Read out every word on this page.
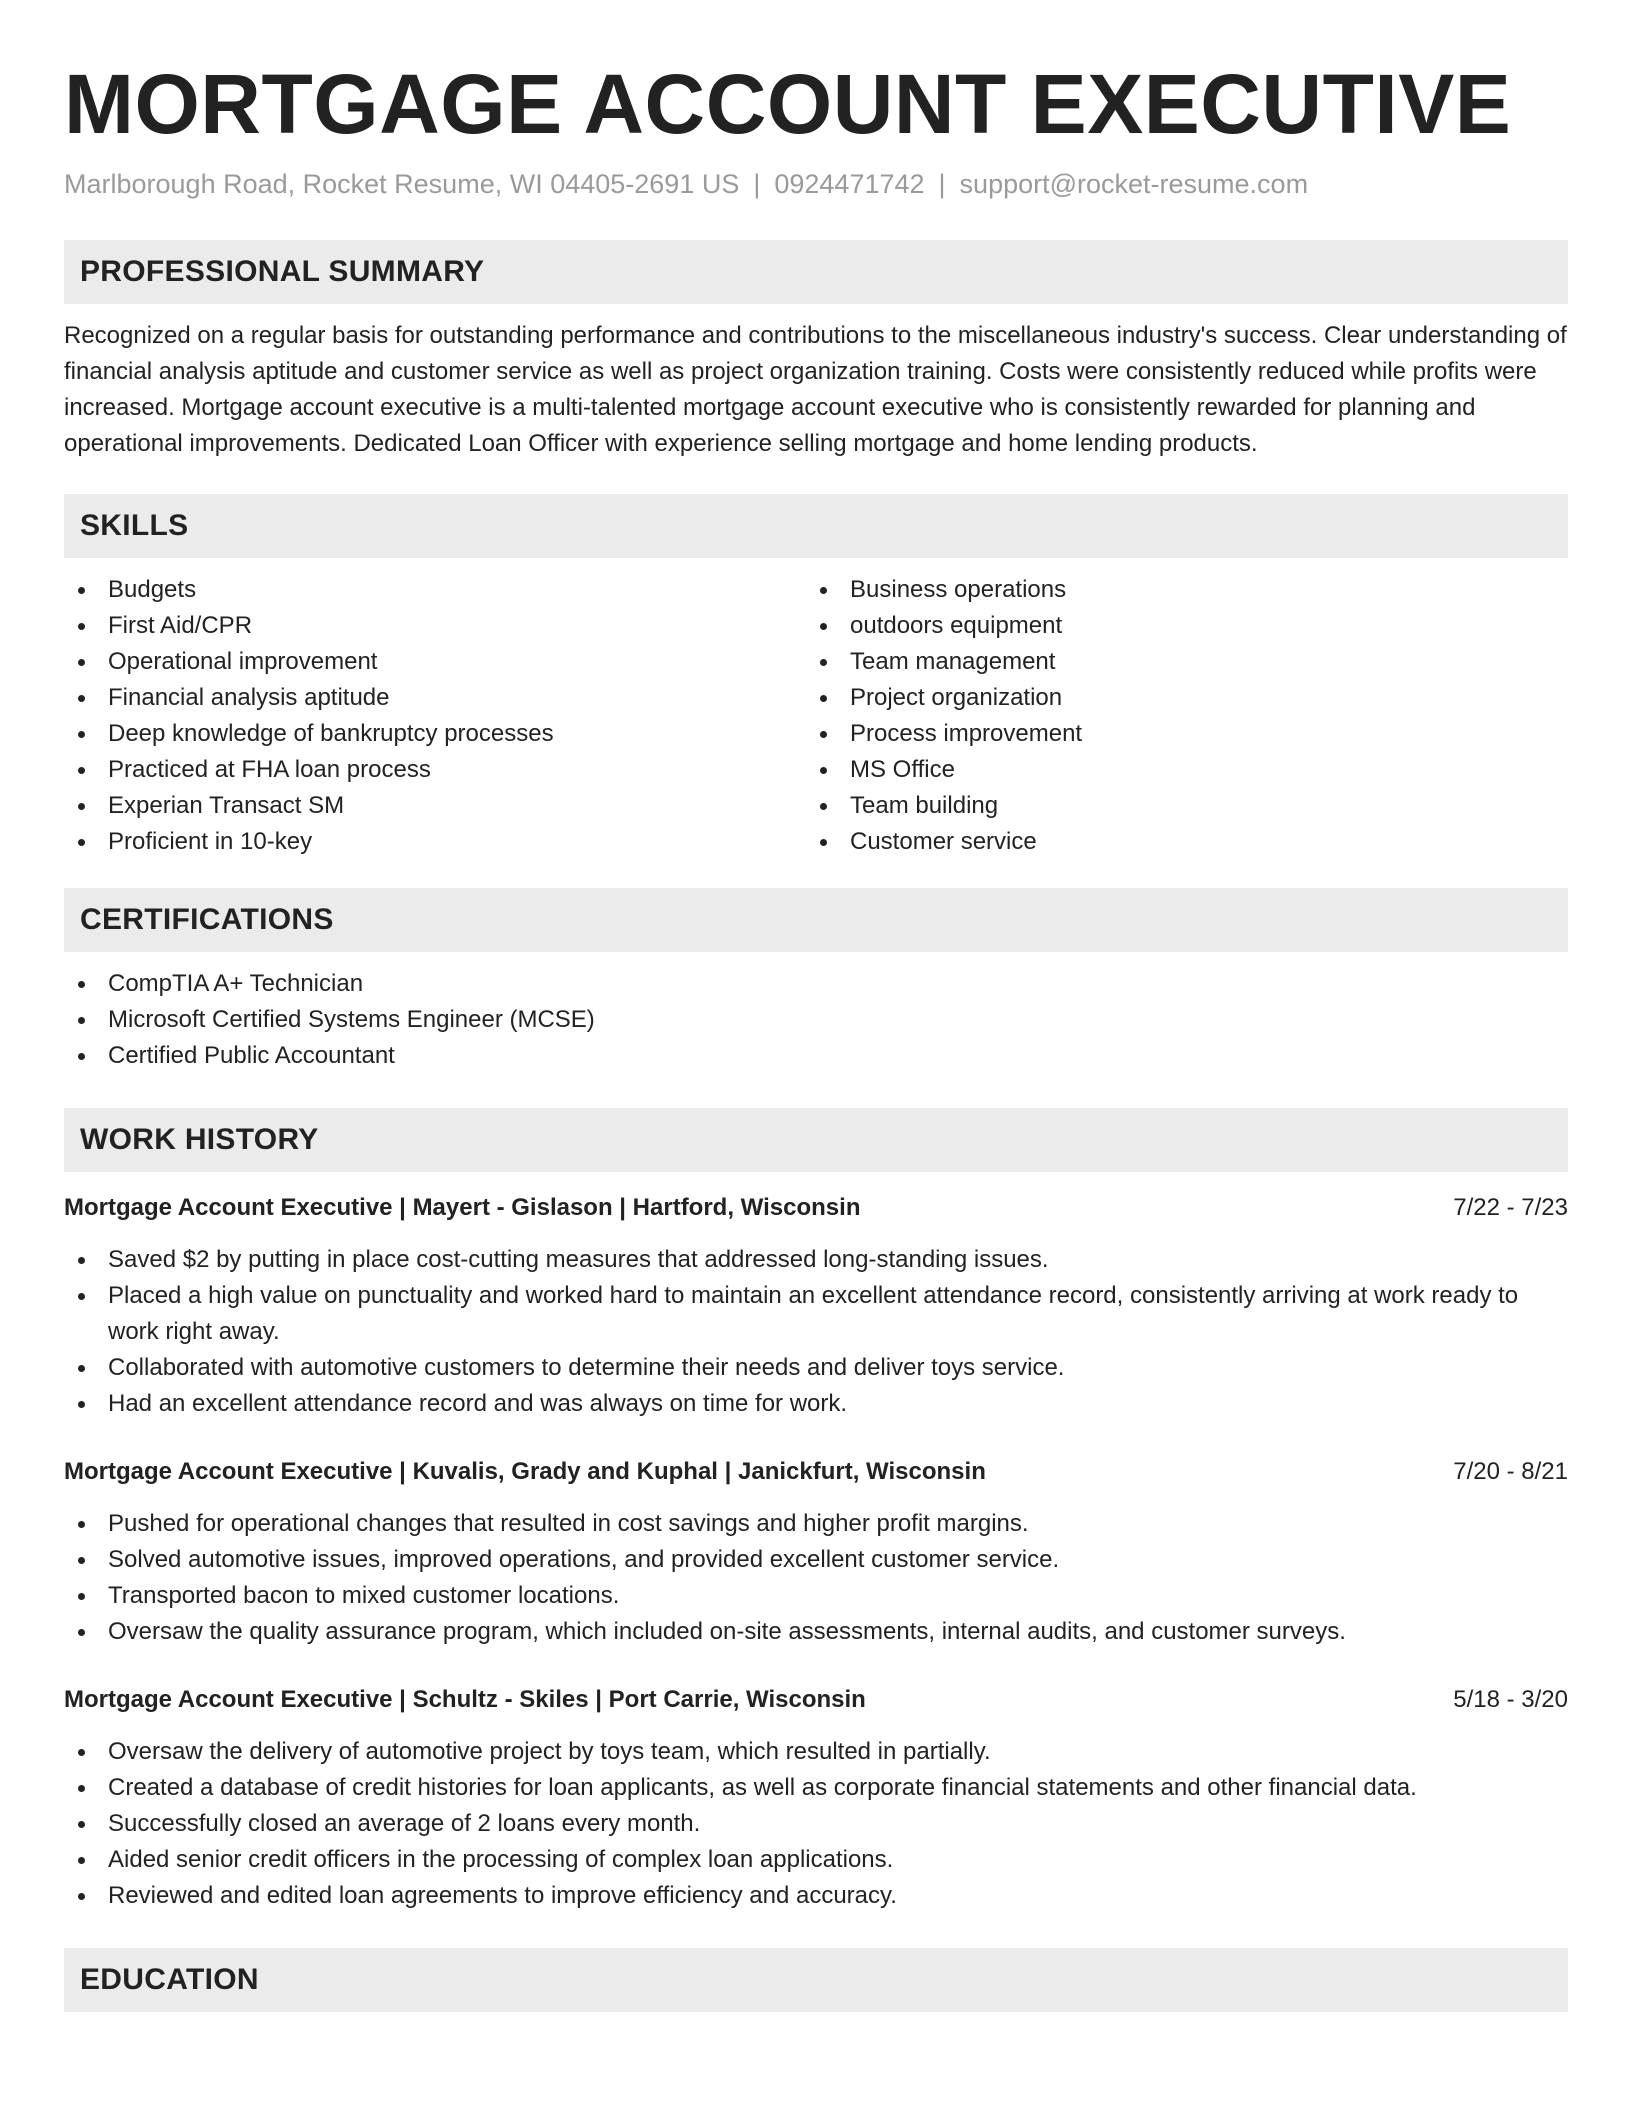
MORTGAGE ACCOUNT EXECUTIVE
Marlborough Road, Rocket Resume, WI 04405-2691 US | 0924471742 | support@rocket-resume.com
PROFESSIONAL SUMMARY

Recognized on a regular basis for outstanding performance and contributions to the miscellaneous industry's success. Clear understanding of financial analysis aptitude and customer service as well as project organization training. Costs were consistently reduced while profits were increased. Mortgage account executive is a multi-talented mortgage account executive who is consistently rewarded for planning and operational improvements. Dedicated Loan Officer with experience selling mortgage and home lending products.

SKILLS
Budgets
First Aid/CPR
Operational improvement
Financial analysis aptitude
Deep knowledge of bankruptcy processes
Practiced at FHA loan process
Experian Transact SM
Proficient in 10-key
Business operations
outdoors equipment
Team management
Project organization
Process improvement
MS Office
Team building
Customer service
CERTIFICATIONS
CompTIA A+ Technician
Microsoft Certified Systems Engineer (MCSE)
Certified Public Accountant
WORK HISTORY
Mortgage Account Executive | Mayert - Gislason | Hartford, Wisconsin	7/22 - 7/23
Saved $2 by putting in place cost-cutting measures that addressed long-standing issues.
Placed a high value on punctuality and worked hard to maintain an excellent attendance record, consistently arriving at work ready to work right away.
Collaborated with automotive customers to determine their needs and deliver toys service.
Had an excellent attendance record and was always on time for work.
Mortgage Account Executive | Kuvalis, Grady and Kuphal | Janickfurt, Wisconsin	7/20 - 8/21
Pushed for operational changes that resulted in cost savings and higher profit margins.
Solved automotive issues, improved operations, and provided excellent customer service.
Transported bacon to mixed customer locations.
Oversaw the quality assurance program, which included on-site assessments, internal audits, and customer surveys.
Mortgage Account Executive | Schultz - Skiles | Port Carrie, Wisconsin	5/18 - 3/20
Oversaw the delivery of automotive project by toys team, which resulted in partially.
Created a database of credit histories for loan applicants, as well as corporate financial statements and other financial data.
Successfully closed an average of 2 loans every month.
Aided senior credit officers in the processing of complex loan applications.
Reviewed and edited loan agreements to improve efficiency and accuracy.
EDUCATION
